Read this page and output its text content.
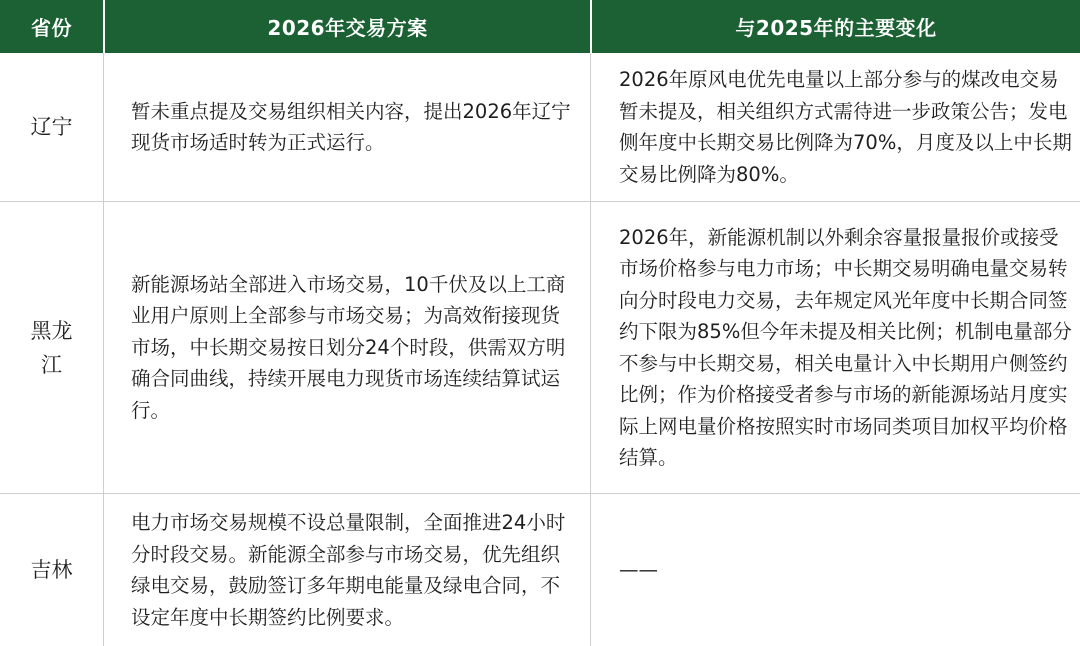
省份	2026年交易方案	与2025年的主要变化
辽宁
暂未重点提及交易组织相关内容，提出2026年辽宁现货市场适时转为正式运行。
2026年原风电优先电量以上部分参与的煤改电交易暂未提及，相关组织方式需待进一步政策公告；发电侧年度中长期交易比例降为70%，月度及以上中长期交易比例降为80%。
黑龙江
新能源场站全部进入市场交易，10千伏及以上工商业用户原则上全部参与市场交易；为高效衔接现货市场，中长期交易按日划分24个时段，供需双方明确合同曲线，持续开展电力现货市场连续结算试运行。
2026年，新能源机制以外剩余容量报量报价或接受市场价格参与电力市场；中长期交易明确电量交易转向分时段电力交易，去年规定风光年度中长期合同签约下限为85%但今年未提及相关比例；机制电量部分不参与中长期交易，相关电量计入中长期用户侧签约比例；作为价格接受者参与市场的新能源场站月度实际上网电量价格按照实时市场同类项目加权平均价格结算。
吉林
电力市场交易规模不设总量限制，全面推进24小时分时段交易。新能源全部参与市场交易，优先组织绿电交易，鼓励签订多年期电能量及绿电合同，不设定年度中长期签约比例要求。
——
